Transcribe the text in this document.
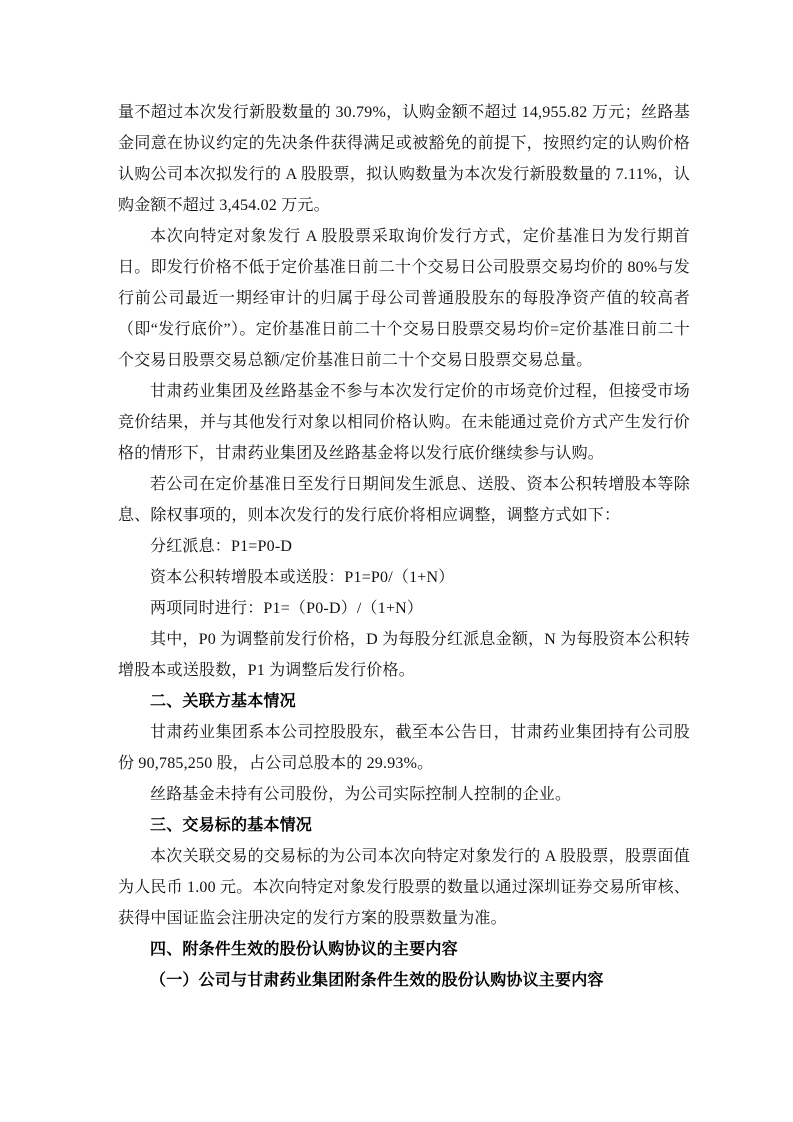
量不超过本次发行新股数量的 30.79%，认购金额不超过 14,955.82 万元；丝路基金同意在协议约定的先决条件获得满足或被豁免的前提下，按照约定的认购价格认购公司本次拟发行的 A 股股票，拟认购数量为本次发行新股数量的 7.11%，认购金额不超过 3,454.02 万元。

本次向特定对象发行 A 股股票采取询价发行方式，定价基准日为发行期首日。即发行价格不低于定价基准日前二十个交易日公司股票交易均价的 80%与发行前公司最近一期经审计的归属于母公司普通股股东的每股净资产值的较高者（即“发行底价”）。定价基准日前二十个交易日股票交易均价=定价基准日前二十个交易日股票交易总额/定价基准日前二十个交易日股票交易总量。

甘肃药业集团及丝路基金不参与本次发行定价的市场竞价过程，但接受市场竞价结果，并与其他发行对象以相同价格认购。在未能通过竞价方式产生发行价格的情形下，甘肃药业集团及丝路基金将以发行底价继续参与认购。

若公司在定价基准日至发行日期间发生派息、送股、资本公积转增股本等除息、除权事项的，则本次发行的发行底价将相应调整，调整方式如下：

分红派息：P1=P0-D

资本公积转增股本或送股：P1=P0/（1+N）

两项同时进行：P1=（P0-D）/（1+N）

其中，P0 为调整前发行价格，D 为每股分红派息金额，N 为每股资本公积转增股本或送股数，P1 为调整后发行价格。

二、关联方基本情况

甘肃药业集团系本公司控股股东，截至本公告日，甘肃药业集团持有公司股份 90,785,250 股，占公司总股本的 29.93%。

丝路基金未持有公司股份，为公司实际控制人控制的企业。

三、交易标的基本情况

本次关联交易的交易标的为公司本次向特定对象发行的 A 股股票，股票面值为人民币 1.00 元。本次向特定对象发行股票的数量以通过深圳证券交易所审核、获得中国证监会注册决定的发行方案的股票数量为准。

四、附条件生效的股份认购协议的主要内容

（一）公司与甘肃药业集团附条件生效的股份认购协议主要内容
